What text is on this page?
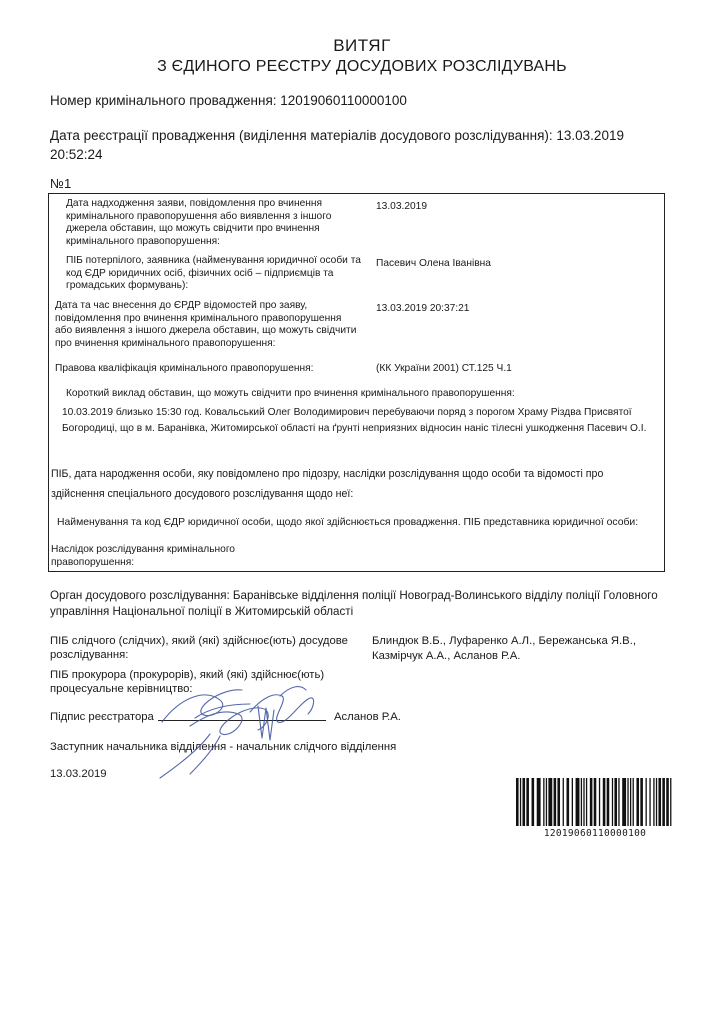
ВИТЯГ
З ЄДИНОГО РЕЄСТРУ ДОСУДОВИХ РОЗСЛІДУВАНЬ
Номер кримінального провадження: 12019060110000100
Дата реєстрації провадження (виділення матеріалів досудового розслідування): 13.03.2019 20:52:24
№1
Дата надходження заяви, повідомлення про вчинення кримінального правопорушення або виявлення з іншого джерела обставин, що можуть свідчити про вчинення кримінального правопорушення:
13.03.2019
ПІБ потерпілого, заявника (найменування юридичної особи та код ЄДР юридичних осіб, фізичних осіб – підприємців та громадських формувань):
Пасевич Олена Іванівна
Дата та час внесення до ЄРДР відомостей про заяву, повідомлення про вчинення кримінального правопорушення або виявлення з іншого джерела обставин, що можуть свідчити про вчинення кримінального правопорушення:
13.03.2019 20:37:21
Правова кваліфікація кримінального правопорушення:	(КК України 2001) СТ.125 Ч.1
Короткий виклад обставин, що можуть свідчити про вчинення кримінального правопорушення:
10.03.2019 близько 15:30 год. Ковальський Олег Володимирович перебуваючи поряд з порогом Храму Різдва Присвятої Богородиці, що в м. Баранівка, Житомирської області на ґрунті неприязних відносин наніс тілесні ушкодження Пасевич О.І.
ПІБ, дата народження особи, яку повідомлено про підозру, наслідки розслідування щодо особи та відомості про здійснення спеціального досудового розслідування щодо неї:
Найменування та код ЄДР юридичної особи, щодо якої здійснюється провадження. ПІБ представника юридичної особи:
Наслідок розслідування кримінального правопорушення:
Орган досудового розслідування: Баранівське відділення поліції Новоград-Волинського відділу поліції Головного управління Національної поліції в Житомирській області
ПІБ слідчого (слідчих), який (які) здійснює(ють) досудове розслідування:
Блиндюк В.Б., Луфаренко А.Л., Бережанська Я.В., Казмірчук А.А., Асланов Р.А.
ПІБ прокурора (прокурорів), який (які) здійснює(ють) процесуальне керівництво:
Підпис реєстратора	Асланов Р.А.
Заступник начальника відділення - начальник слідчого відділення
13.03.2019
12019060110000100
